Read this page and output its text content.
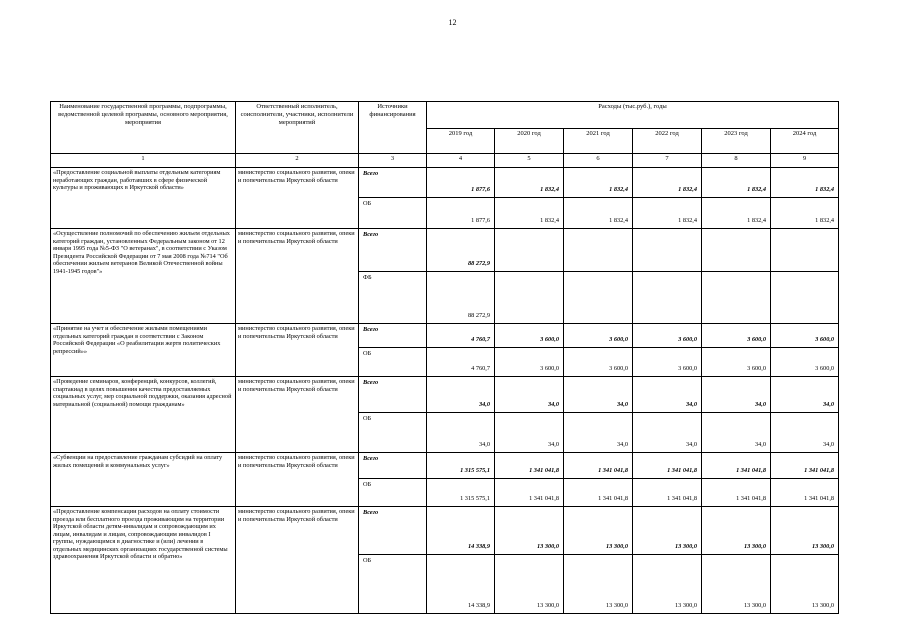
12
Наименование государственной программы, подпрограммы, ведомственной целевой программы, основного мероприятия, мероприятия	Ответственный исполнитель, соисполнители, участники, исполнители мероприятий	Источники финансирования	Расходы (тыс.руб.), годы					
			2019 год	2020 год	2021 год	2022 год	2023 год	2024 год
1	2	3	4	5	6	7	8	9
«Предоставление социальной выплаты отдельным категориям неработающих граждан, работавших в сфере физической культуры и проживающих в Иркутской области»	министерство социального развития, опеки и попечительства Иркутской области	Всего	1 877,6	1 832,4	1 832,4	1 832,4	1 832,4	1 832,4

		ОБ	1 877,6	1 832,4	1 832,4	1 832,4	1 832,4	1 832,4

«Осуществление полномочий по обеспечению жильем отдельных категорий граждан, установленных Федеральным законом от 12 января 1995 года №5-ФЗ "О ветеранах", в соответствии с Указом Президента Российской Федерации от 7 мая 2008 года №714 "Об обеспечении жильем ветеранов Великой Отечественной войны 1941-1945 годов"»	министерство социального развития, опеки и попечительства Иркутской области	Всего	88 272,9					

		ФБ	88 272,9					

«Принятие на учет и обеспечение жилыми помещениями отдельных категорий граждан в соответствии с Законом Российской Федерации «О реабилитации жертв политических репрессий»»	министерство социального развития, опеки и попечительства Иркутской области	Всего	4 760,7	3 600,0	3 600,0	3 600,0	3 600,0	3 600,0

		ОБ	4 760,7	3 600,0	3 600,0	3 600,0	3 600,0	3 600,0

«Проведение семинаров, конференций, конкурсов, коллегий, спартакиад в целях повышения качества предоставляемых социальных услуг, мер социальной поддержки, оказания адресной материальной (социальной) помощи гражданам»	министерство социального развития, опеки и попечительства Иркутской области	Всего	34,0	34,0	34,0	34,0	34,0	34,0

		ОБ	34,0	34,0	34,0	34,0	34,0	34,0

«Субвенции на предоставление гражданам субсидий на оплату жилых помещений и коммунальных услуг»	министерство социального развития, опеки и попечительства Иркутской области	Всего	1 315 575,1	1 341 041,8	1 341 041,8	1 341 041,8	1 341 041,8	1 341 041,8

		ОБ	1 315 575,1	1 341 041,8	1 341 041,8	1 341 041,8	1 341 041,8	1 341 041,8

«Предоставление компенсации расходов на оплату стоимости проезда или бесплатного проезда проживающим на территории Иркутской области детям-инвалидам и сопровождающим их лицам, инвалидам и лицам, сопровождающим инвалидов I группы, нуждающимся в диагностике и (или) лечении в отдельных медицинских организациях государственной системы здравоохранения Иркутской области и обратно»	министерство социального развития, опеки и попечительства Иркутской области	Всего	14 338,9	13 300,0	13 300,0	13 300,0	13 300,0	13 300,0

		ОБ	14 338,9	13 300,0	13 300,0	13 300,0	13 300,0	13 300,0
